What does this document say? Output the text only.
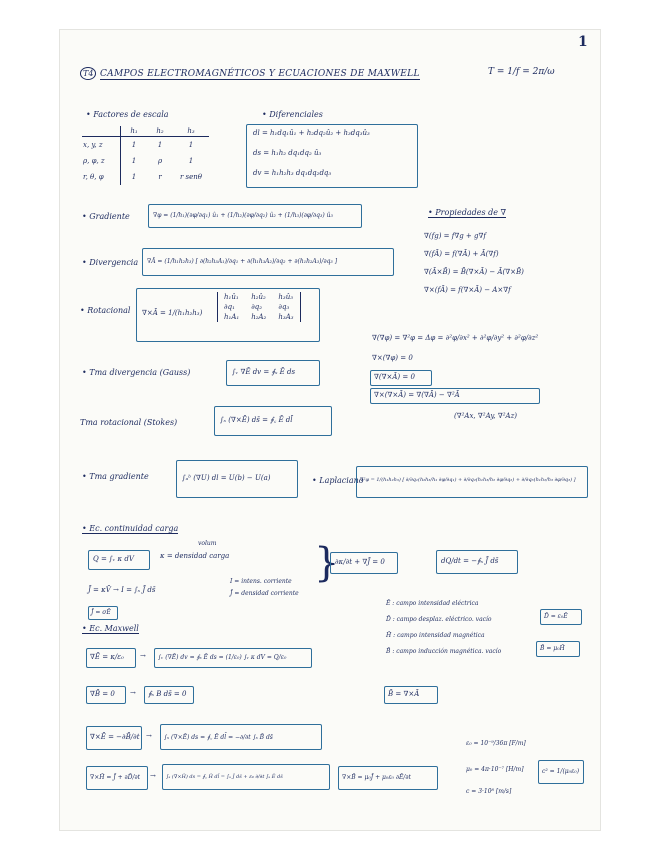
1
T4 CAMPOS ELECTROMAGNÉTICOS Y ECUACIONES DE MAXWELL	T = 1/f = 2π/ω
• Factores de escala
	h₁	h₂	h₃
x, y, z	1	1	1
ρ, φ, z	1	ρ	1
r, θ, φ	1	r	r senθ
• Diferenciales
dl = h₁dq₁û₁ + h₂dq₂û₂ + h₃dq₃û₃
ds = h₁h₂ dq₁dq₂ û₃
dv = h₁h₂h₃ dq₁dq₂dq₃
• Gradiente	∇φ = (1/h₁)(∂φ/∂q₁) û₁ + (1/h₂)(∂φ/∂q₂) û₂ + (1/h₃)(∂φ/∂q₃) û₃	• Propiedades de ∇
∇(fg) = f∇g + g∇f
∇(fĀ) = f(∇Ā) + Ā(∇f)
∇(Ā×B̄) = B̄(∇×Ā) − Ā(∇×B̄)
∇×(fĀ) = f(∇×Ā) − A×∇f
• Divergencia ∇Ā = (1/h₁h₂h₃) [ ∂(h₂h₃A₁)/∂q₁ + ∂(h₁h₃A₂)/∂q₂ + ∂(h₁h₂A₃)/∂q₃ ]
• Rotacional ∇×Ā = 1/(h₁h₂h₃)
h₁û₁	h₂û₂	h₃û₃
∂q₁	∂q₂	∂q₃
h₁A₁	h₂A₂	h₃A₃
∇(∇φ) = ∇²φ = Δφ = ∂²φ/∂x² + ∂²φ/∂y² + ∂²φ/∂z²
∇×(∇φ) = 0
∇(∇×Ā) = 0
∇×(∇×Ā) = ∇(∇Ā) − ∇²Ā
(∇²Ax, ∇²Ay, ∇²Az)
• Tma divergencia (Gauss)	∫ᵥ ∇Ē dv = ∮ₛ Ē ds
Tma rotacional (Stokes)	∫ₛ (∇×Ē) ds̄ = ∮꜀ Ē dl̄
• Tma gradiente	∫ₐᵇ (∇U) dl = U(b) − U(a)	• Laplaciano
∇²φ = 1/(h₁h₂h₃) [ ∂/∂q₁(h₂h₃/h₁ ∂φ/∂q₁) + ∂/∂q₂(h₁h₃/h₂ ∂φ/∂q₂) + ∂/∂q₃(h₁h₂/h₃ ∂φ/∂q₃) ]
• Ec. continuidad carga
Q = ∫ᵥ κ dV
volum
κ = densidad carga
J̄ = κV̄ → I = ∫ₛ J̄ ds̄
I = intens. corriente
J̄ = densidad corriente
J̄ = σĒ
}
∂κ/∂t + ∇J̄ = 0	dQ/dt = −∮ₛ J̄ ds̄
Ē : campo intensidad eléctrica
D̄ : campo desplaz. eléctrico. vacío	D̄ = ε₀Ē
H̄ : campo intensidad magnética
B̄ : campo inducción magnética. vacío	B̄ = μ₀H̄
• Ec. Maxwell
∇Ē = κ/ε₀ → ∫ᵥ (∇Ē) dv = ∮ₛ Ē ds = (1/ε₀) ∫ᵥ κ dV = Q/ε₀
∇B̄ = 0 → ∮ₛ B ds̄ = 0	B̄ = ∇×Ā
∇×Ē = −∂B̄/∂t → ∫ₛ (∇×Ē) ds = ∮꜀ Ē dl̄ = −∂/∂t ∫ₛ B̄ ds̄
∇×H̄ = J̄ + ∂D̄/∂t → ∫ₛ (∇×H̄) ds = ∮꜀ H̄ dl̄ = ∫ₛ J̄ ds̄ + ε₀ ∂/∂t ∫ₛ Ē ds̄	∇×B̄ = μ₀J̄ + μ₀ε₀ ∂Ē/∂t
ε₀ = 10⁻⁹/36π [F/m]
μ₀ = 4π·10⁻⁷ [H/m]
c = 3·10⁸ [m/s]
c² = 1/(μ₀ε₀)
